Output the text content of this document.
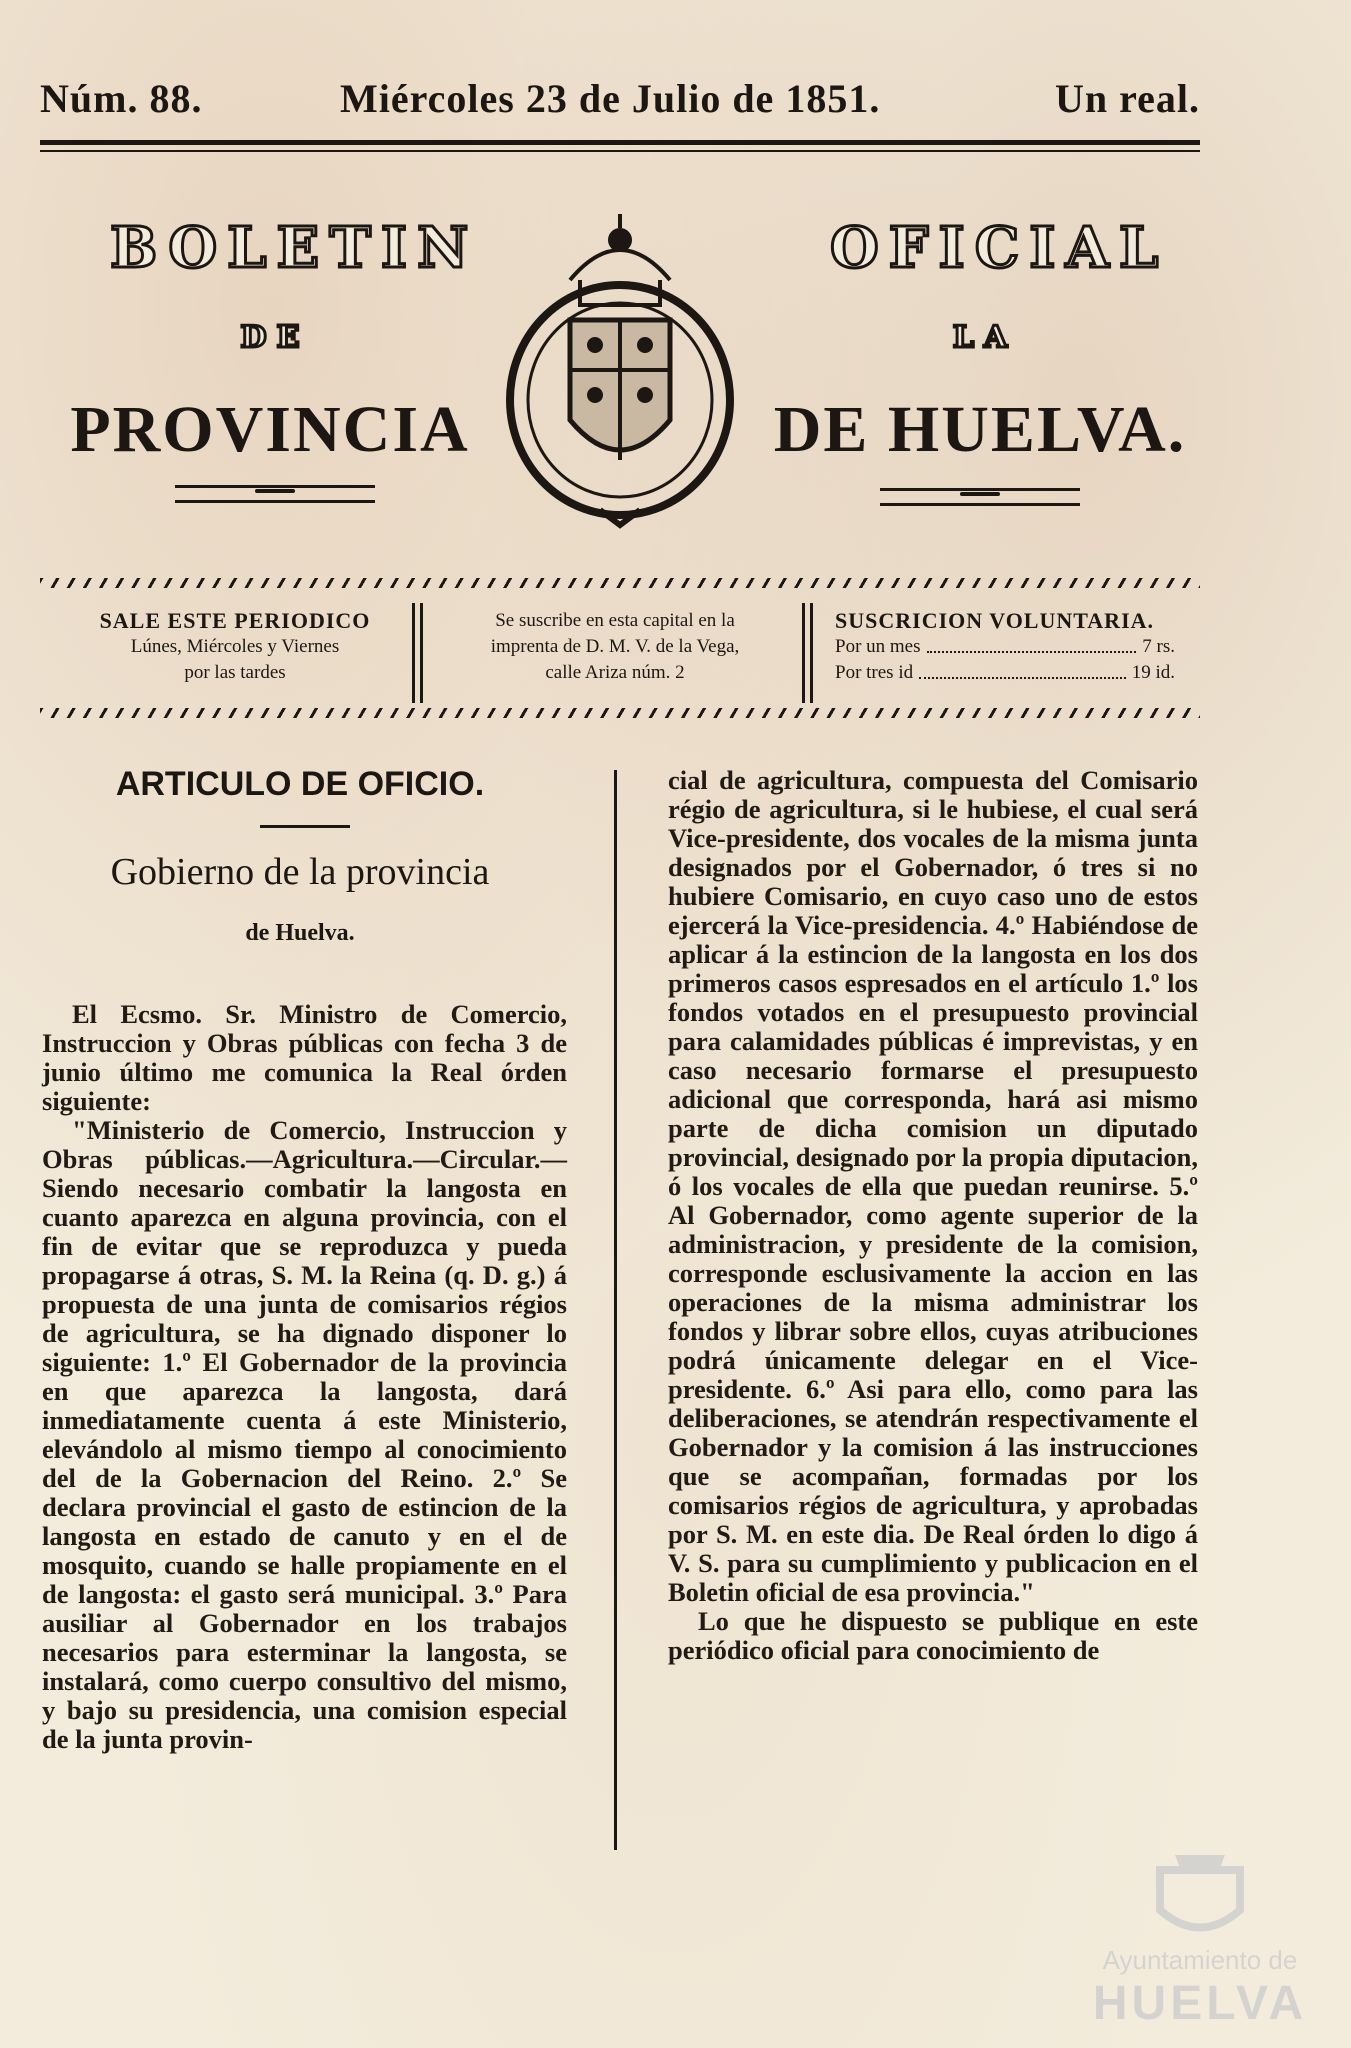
Núm. 88.	Miércoles 23 de Julio de 1851.	Un real.
BOLETIN	OFICIAL
DE	LA
PROVINCIA	DE HUELVA.
SALE ESTE PERIODICO
Lúnes, Miércoles y Viernes
por las tardes
Se suscribe en esta capital en la
imprenta de D. M. V. de la Vega,
calle Ariza núm. 2
SUSCRICION VOLUNTARIA.
Por un mes	7 rs.
Por tres id	19 id.
ARTICULO DE OFICIO.
Gobierno de la provincia
de Huelva.

El Ecsmo. Sr. Ministro de Comercio, Instruccion y Obras públicas con fecha 3 de junio último me comunica la Real órden siguiente:

"Ministerio de Comercio, Instruccion y Obras públicas.—Agricultura.—Circular.—Siendo necesario combatir la langosta en cuanto aparezca en alguna provincia, con el fin de evitar que se reproduzca y pueda propagarse á otras, S. M. la Reina (q. D. g.) á propuesta de una junta de comisarios régios de agricultura, se ha dignado disponer lo siguiente: 1.º El Gobernador de la provincia en que aparezca la langosta, dará inmediatamente cuenta á este Ministerio, elevándolo al mismo tiempo al conocimiento del de la Gobernacion del Reino. 2.º Se declara provincial el gasto de estincion de la langosta en estado de canuto y en el de mosquito, cuando se halle propiamente en el de langosta: el gasto será municipal. 3.º Para ausiliar al Gobernador en los trabajos necesarios para esterminar la langosta, se instalará, como cuerpo consultivo del mismo, y bajo su presidencia, una comision especial de la junta provin-

cial de agricultura, compuesta del Comisario régio de agricultura, si le hubiese, el cual será Vice-presidente, dos vocales de la misma junta designados por el Gobernador, ó tres si no hubiere Comisario, en cuyo caso uno de estos ejercerá la Vice-presidencia. 4.º Habiéndose de aplicar á la estincion de la langosta en los dos primeros casos espresados en el artículo 1.º los fondos votados en el presupuesto provincial para calamidades públicas é imprevistas, y en caso necesario formarse el presupuesto adicional que corresponda, hará asi mismo parte de dicha comision un diputado provincial, designado por la propia diputacion, ó los vocales de ella que puedan reunirse. 5.º Al Gobernador, como agente superior de la administracion, y presidente de la comision, corresponde esclusivamente la accion en las operaciones de la misma administrar los fondos y librar sobre ellos, cuyas atribuciones podrá únicamente delegar en el Vice-presidente. 6.º Asi para ello, como para las deliberaciones, se atendrán respectivamente el Gobernador y la comision á las instrucciones que se acompañan, formadas por los comisarios régios de agricultura, y aprobadas por S. M. en este dia. De Real órden lo digo á V. S. para su cumplimiento y publicacion en el Boletin oficial de esa provincia."

Lo que he dispuesto se publique en este periódico oficial para conocimiento de

Ayuntamiento de
HUELVA
